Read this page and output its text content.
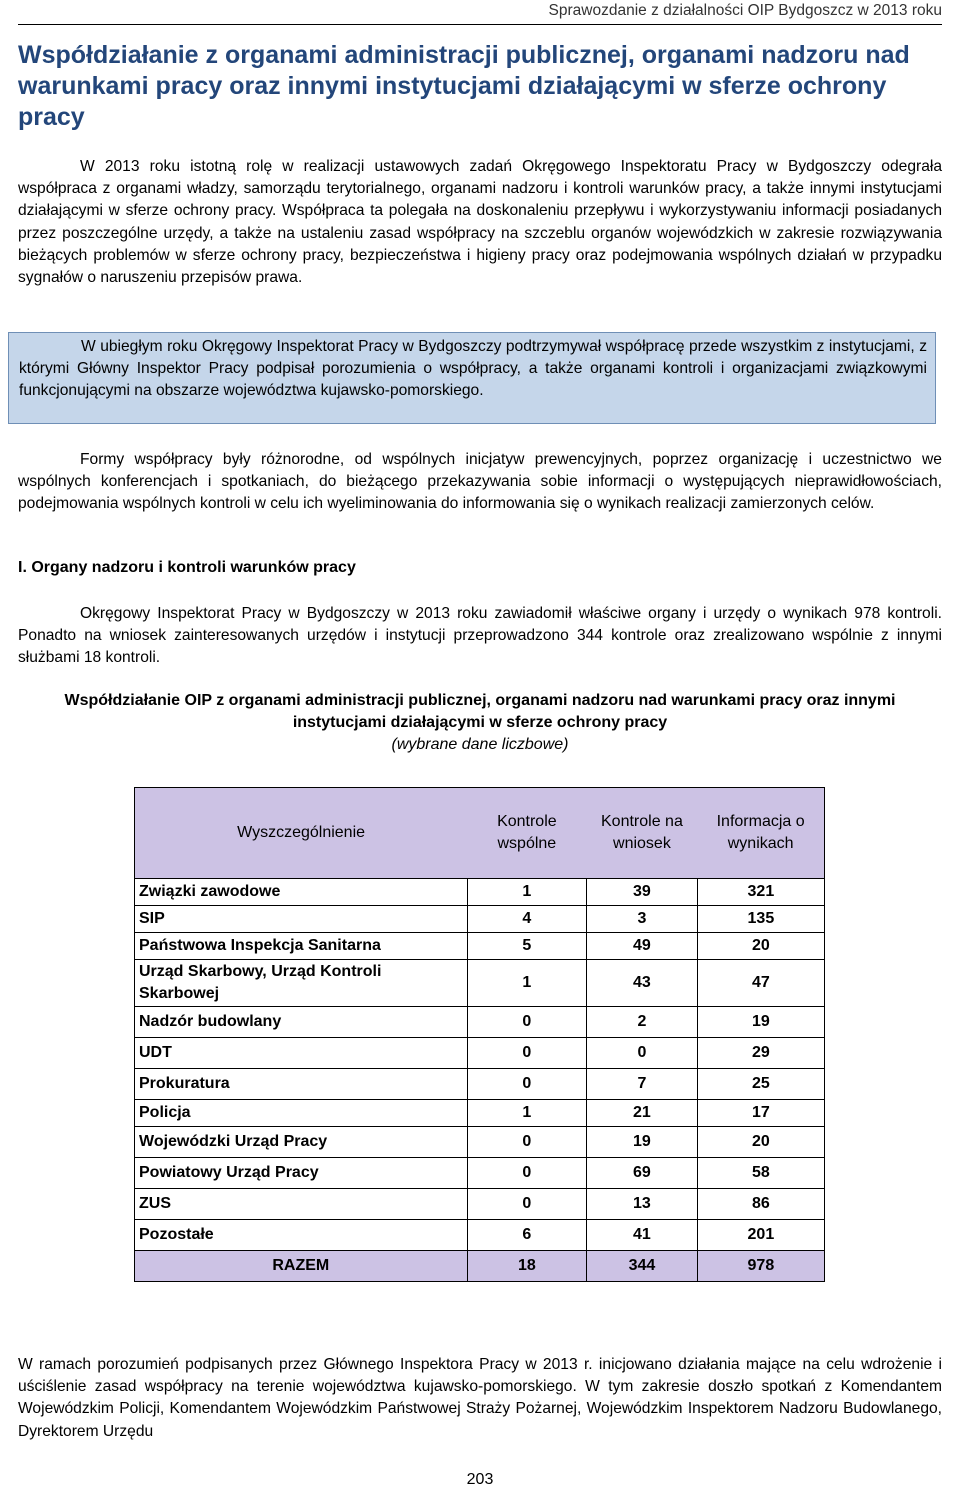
Sprawozdanie z działalności OIP Bydgoszcz w 2013 roku
Współdziałanie z organami administracji publicznej, organami nadzoru nad warunkami pracy oraz innymi instytucjami działającymi w sferze ochrony pracy

W 2013 roku istotną rolę w realizacji ustawowych zadań Okręgowego Inspektoratu Pracy w Bydgoszczy odegrała współpraca z organami władzy, samorządu terytorialnego, organami nadzoru i kontroli warunków pracy, a także innymi instytucjami działającymi w sferze ochrony pracy. Współpraca ta polegała na doskonaleniu przepływu i wykorzystywaniu informacji posiadanych przez poszczególne urzędy, a także na ustaleniu zasad współpracy na szczeblu organów wojewódzkich w zakresie rozwiązywania bieżących problemów w sferze ochrony pracy, bezpieczeństwa i higieny pracy oraz podejmowania wspólnych działań w przypadku sygnałów o naruszeniu przepisów prawa.

W ubiegłym roku Okręgowy Inspektorat Pracy w Bydgoszczy podtrzymywał współpracę przede wszystkim z instytucjami, z którymi Główny Inspektor Pracy podpisał porozumienia o współpracy, a także organami kontroli i organizacjami związkowymi funkcjonującymi na obszarze województwa kujawsko-pomorskiego.

Formy współpracy były różnorodne, od wspólnych inicjatyw prewencyjnych, poprzez organizację i uczestnictwo we wspólnych konferencjach i spotkaniach, do bieżącego przekazywania sobie informacji o występujących nieprawidłowościach, podejmowania wspólnych kontroli w celu ich wyeliminowania do informowania się o wynikach realizacji zamierzonych celów.

I. Organy nadzoru i kontroli warunków pracy

Okręgowy Inspektorat Pracy w Bydgoszczy w 2013 roku zawiadomił właściwe organy i urzędy o wynikach 978 kontroli. Ponadto na wniosek zainteresowanych urzędów i instytucji przeprowadzono 344 kontrole oraz zrealizowano wspólnie z innymi służbami 18 kontroli.

Współdziałanie OIP z organami administracji publicznej, organami nadzoru nad warunkami pracy oraz innymi instytucjami działającymi w sferze ochrony pracy
(wybrane dane liczbowe)
Wyszczególnienie	Kontrole wspólne	Kontrole na wniosek	Informacja o wynikach
Związki zawodowe	1	39	321
SIP	4	3	135
Państwowa Inspekcja Sanitarna	5	49	20
Urząd Skarbowy, Urząd Kontroli Skarbowej	1	43	47
Nadzór budowlany	0	2	19
UDT	0	0	29
Prokuratura	0	7	25
Policja	1	21	17
Wojewódzki Urząd Pracy	0	19	20
Powiatowy Urząd Pracy	0	69	58
ZUS	0	13	86
Pozostałe	6	41	201
RAZEM	18	344	978

W ramach porozumień podpisanych przez Głównego Inspektora Pracy w 2013 r. inicjowano działania mające na celu wdrożenie i uściślenie zasad współpracy na terenie województwa kujawsko-pomorskiego. W tym zakresie doszło spotkań z Komendantem Wojewódzkim Policji, Komendantem Wojewódzkim Państwowej Straży Pożarnej, Wojewódzkim Inspektorem Nadzoru Budowlanego, Dyrektorem Urzędu

203
